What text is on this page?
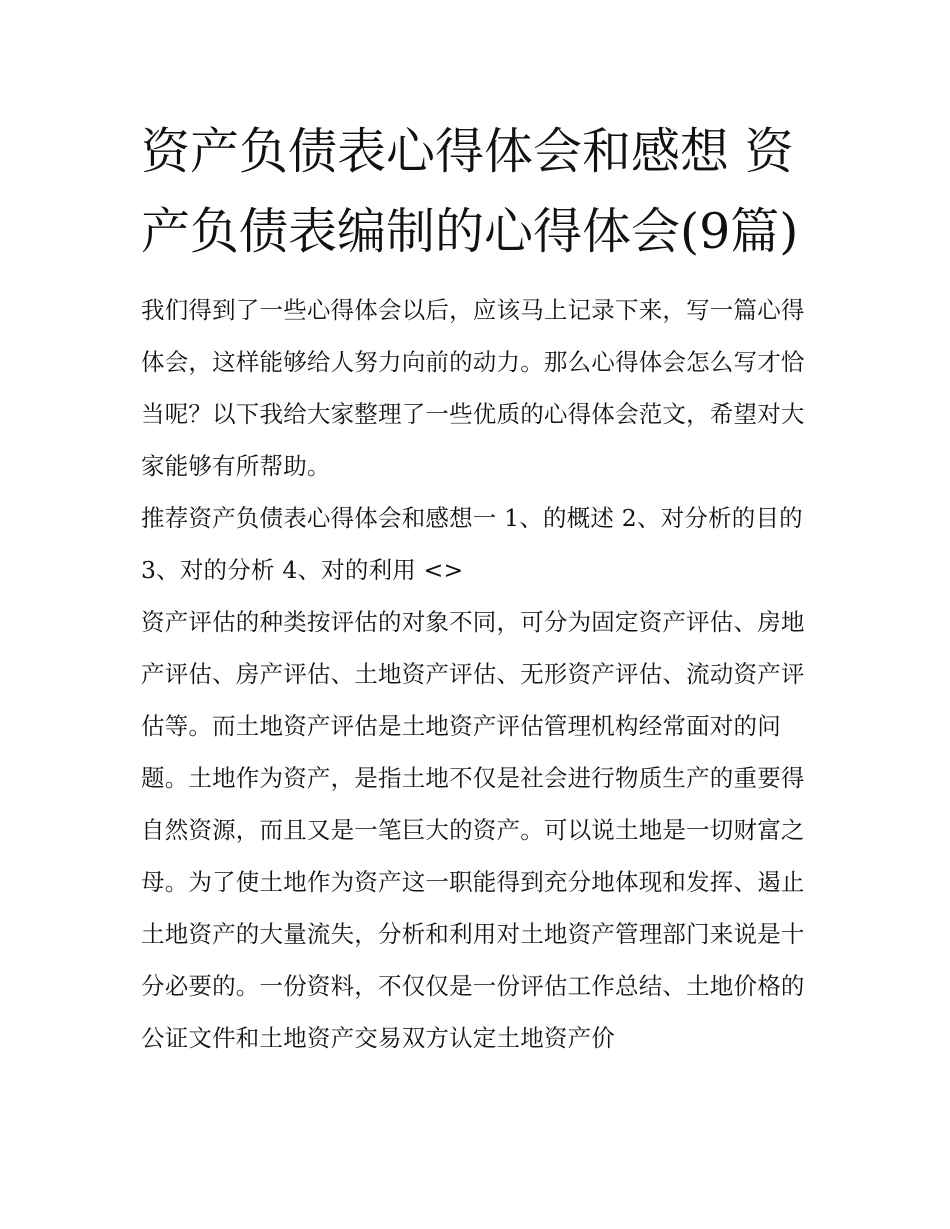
资产负债表心得体会和感想 资产负债表编制的心得体会(9篇)

我们得到了一些心得体会以后，应该马上记录下来，写一篇心得体会，这样能够给人努力向前的动力。那么心得体会怎么写才恰当呢？以下我给大家整理了一些优质的心得体会范文，希望对大家能够有所帮助。

推荐资产负债表心得体会和感想一 1、的概述 2、对分析的目的 3、对的分析 4、对的利用 <>

资产评估的种类按评估的对象不同，可分为固定资产评估、房地产评估、房产评估、土地资产评估、无形资产评估、流动资产评估等。而土地资产评估是土地资产评估管理机构经常面对的问题。土地作为资产，是指土地不仅是社会进行物质生产的重要得自然资源，而且又是一笔巨大的资产。可以说土地是一切财富之母。为了使土地作为资产这一职能得到充分地体现和发挥、遏止土地资产的大量流失，分析和利用对土地资产管理部门来说是十分必要的。一份资料，不仅仅是一份评估工作总结、土地价格的公证文件和土地资产交易双方认定土地资产价
